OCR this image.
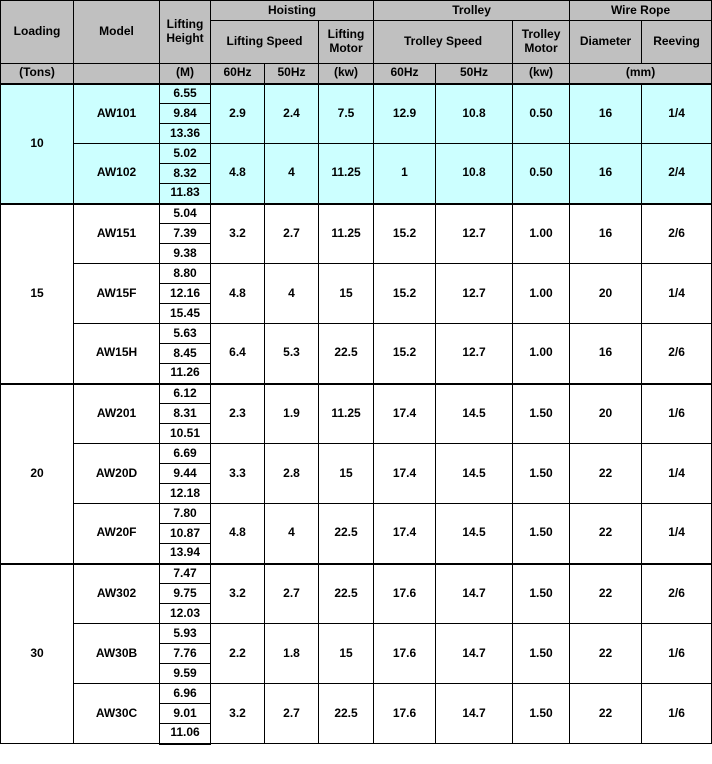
Loading	Model	Lifting Height	Hoisting			Trolley			Wire Rope	
			Lifting Speed		Lifting Motor	Trolley Speed		Trolley Motor	Diameter	Reeving
(Tons)		(M)	60Hz	50Hz	(kw)	60Hz	50Hz	(kw)	(mm)	
10	AW101	6.55	2.9	2.4	7.5	12.9	10.8	0.50	16	1/4
		9.84								
		13.36								
	AW102	5.02	4.8	4	11.25	1	10.8	0.50	16	2/4
		8.32								
		11.83								
15	AW151	5.04	3.2	2.7	11.25	15.2	12.7	1.00	16	2/6
		7.39								
		9.38								
	AW15F	8.80	4.8	4	15	15.2	12.7	1.00	20	1/4
		12.16								
		15.45								
	AW15H	5.63	6.4	5.3	22.5	15.2	12.7	1.00	16	2/6
		8.45								
		11.26								
20	AW201	6.12	2.3	1.9	11.25	17.4	14.5	1.50	20	1/6
		8.31								
		10.51								
	AW20D	6.69	3.3	2.8	15	17.4	14.5	1.50	22	1/4
		9.44								
		12.18								
	AW20F	7.80	4.8	4	22.5	17.4	14.5	1.50	22	1/4
		10.87								
		13.94								
30	AW302	7.47	3.2	2.7	22.5	17.6	14.7	1.50	22	2/6
		9.75								
		12.03								
	AW30B	5.93	2.2	1.8	15	17.6	14.7	1.50	22	1/6
		7.76								
		9.59								
	AW30C	6.96	3.2	2.7	22.5	17.6	14.7	1.50	22	1/6
		9.01								
		11.06								
